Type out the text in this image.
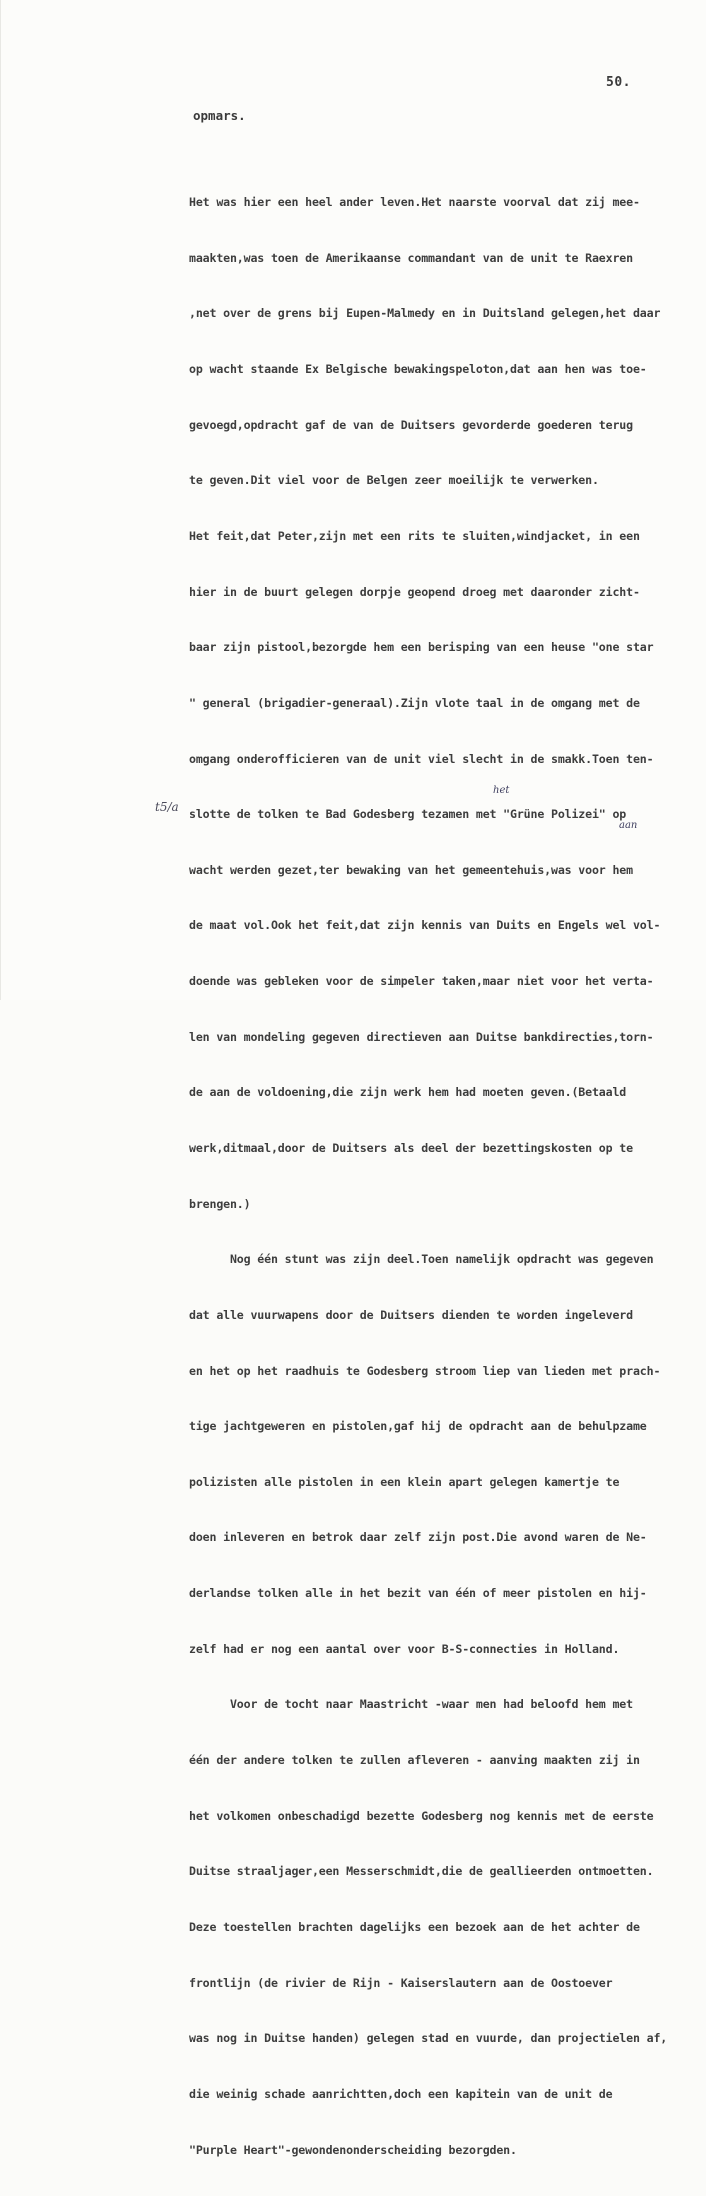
50.
opmars.

Het was hier een heel ander leven.Het naarste voorval dat zij mee-

maakten,was toen de Amerikaanse commandant van de unit te Raexren

,net over de grens bij Eupen-Malmedy en in Duitsland gelegen,het daar

op wacht staande Ex Belgische bewakingspeloton,dat aan hen was toe-

gevoegd,opdracht gaf de van de Duitsers gevorderde goederen terug

te geven.Dit viel voor de Belgen zeer moeilijk te verwerken.

Het feit,dat Peter,zijn met een rits te sluiten,windjacket, in een

hier in de buurt gelegen dorpje geopend droeg met daaronder zicht-

baar zijn pistool,bezorgde hem een berisping van een heuse "one star

" general (brigadier-generaal).Zijn vlote taal in de omgang met de

omgang onderofficieren van de unit viel slecht in de smakk.Toen ten-

slotte de tolken te Bad Godesberg tezamen met "Grüne Polizei" op

wacht werden gezet,ter bewaking van het gemeentehuis,was voor hem

de maat vol.Ook het feit,dat zijn kennis van Duits en Engels wel vol-

doende was gebleken voor de simpeler taken,maar niet voor het verta-

len van mondeling gegeven directieven aan Duitse bankdirecties,torn-

de aan de voldoening,die zijn werk hem had moeten geven.(Betaald

werk,ditmaal,door de Duitsers als deel der bezettingskosten op te

brengen.)

Nog één stunt was zijn deel.Toen namelijk opdracht was gegeven

dat alle vuurwapens door de Duitsers dienden te worden ingeleverd

en het op het raadhuis te Godesberg stroom liep van lieden met prach-

tige jachtgeweren en pistolen,gaf hij de opdracht aan de behulpzame

polizisten alle pistolen in een klein apart gelegen kamertje te

doen inleveren en betrok daar zelf zijn post.Die avond waren de Ne-

derlandse tolken alle in het bezit van één of meer pistolen en hij-

zelf had er nog een aantal over voor B-S-connecties in Holland.

Voor de tocht naar Maastricht -waar men had beloofd hem met

één der andere tolken te zullen afleveren - aanving maakten zij in

het volkomen onbeschadigd bezette Godesberg nog kennis met de eerste

Duitse straaljager,een Messerschmidt,die de geallieerden ontmoetten.

Deze toestellen brachten dagelijks een bezoek aan de het achter de

frontlijn (de rivier de Rijn - Kaiserslautern aan de Oostoever

was nog in Duitse handen) gelegen stad en vuurde, dan projectielen af,

die weinig schade aanrichtten,doch een kapitein van de unit de

"Purple Heart"-gewondenonderscheiding bezorgden.

t5/a
het
aan
